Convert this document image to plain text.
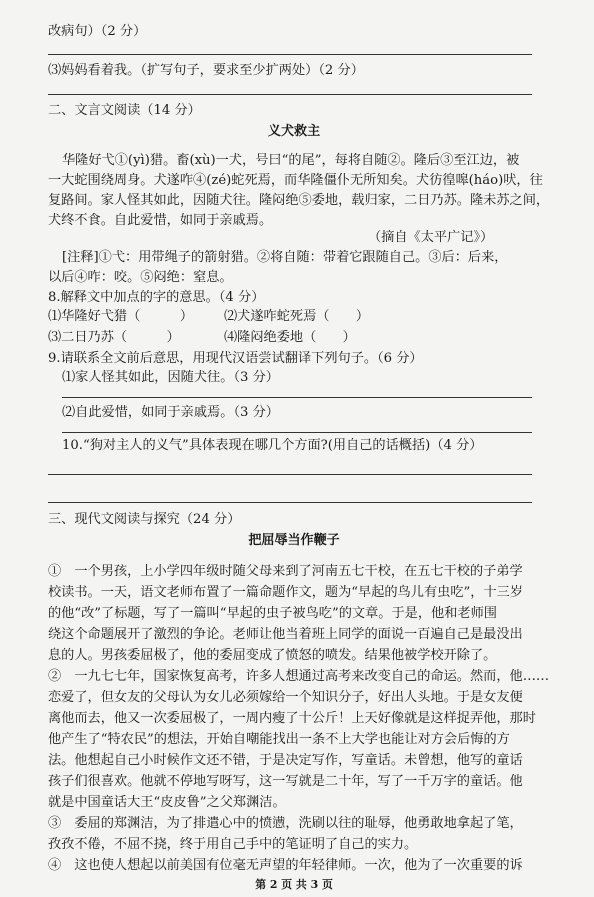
改病句）（2 分）
⑶妈妈看着我。（扩写句子，要求至少扩两处）（2 分）
二、文言文阅读（14 分）
义犬救主
华隆好弋①(yì)猎。畜(xù)一犬，号曰“的尾”，每将自随②。隆后③至江边，被
一大蛇围绕周身。犬遂咋④(zé)蛇死焉，而华隆僵仆无所知矣。犬彷徨嗥(háo)吠，往
复路间。家人怪其如此，因随犬往。隆闷绝⑤委地，载归家，二日乃苏。隆未苏之间，
犬终不食。自此爱惜，如同于亲戚焉。
（摘自《太平广记》）
[注释]①弋：用带绳子的箭射猎。②将自随：带着它跟随自己。③后：后来，
以后④咋：咬。⑤闷绝：窒息。
8.解释文中加点的字的意思。（4 分）
⑴华隆好弋猎（　　　） ⑵犬遂咋蛇死焉（　　）
⑶二日乃苏（　　　）	⑷隆闷绝委地（　　）
9.请联系全文前后意思，用现代汉语尝试翻译下列句子。（6 分）
⑴家人怪其如此，因随犬往。（3 分）
⑵自此爱惜，如同于亲戚焉。（3 分）
10.“狗对主人的义气”具体表现在哪几个方面?(用自己的话概括)（4 分）
三、现代文阅读与探究（24 分）
把屈辱当作鞭子
①　一个男孩，上小学四年级时随父母来到了河南五七干校，在五七干校的子弟学
校读书。一天，语文老师布置了一篇命题作文，题为“早起的鸟儿有虫吃”，十三岁
的他“改”了标题，写了一篇叫“早起的虫子被鸟吃”的文章。于是，他和老师围
绕这个命题展开了激烈的争论。老师让他当着班上同学的面说一百遍自己是最没出
息的人。男孩委屈极了，他的委屈变成了愤怒的喷发。结果他被学校开除了。
②　一九七七年，国家恢复高考，许多人想通过高考来改变自己的命运。然而，他……
恋爱了，但女友的父母认为女儿必须嫁给一个知识分子，好出人头地。于是女友便
离他而去，他又一次委屈极了，一周内瘦了十公斤！上天好像就是这样捉弄他，那时
他产生了“特农民”的想法，开始自嘲能找出一条不上大学也能让对方会后悔的方
法。他想起自己小时候作文还不错，于是决定写作，写童话。未曾想，他写的童话
孩子们很喜欢。他就不停地写呀写，这一写就是二十年，写了一千万字的童话。他
就是中国童话大王“皮皮鲁”之父郑渊洁。
③　委屈的郑渊洁，为了排遣心中的愤懑，洗刷以往的耻辱，他勇敢地拿起了笔，
孜孜不倦，不屈不挠，终于用自己手中的笔证明了自己的实力。
④　这也使人想起以前美国有位毫无声望的年轻律师。一次，他为了一次重要的诉
第 2 页 共 3 页
